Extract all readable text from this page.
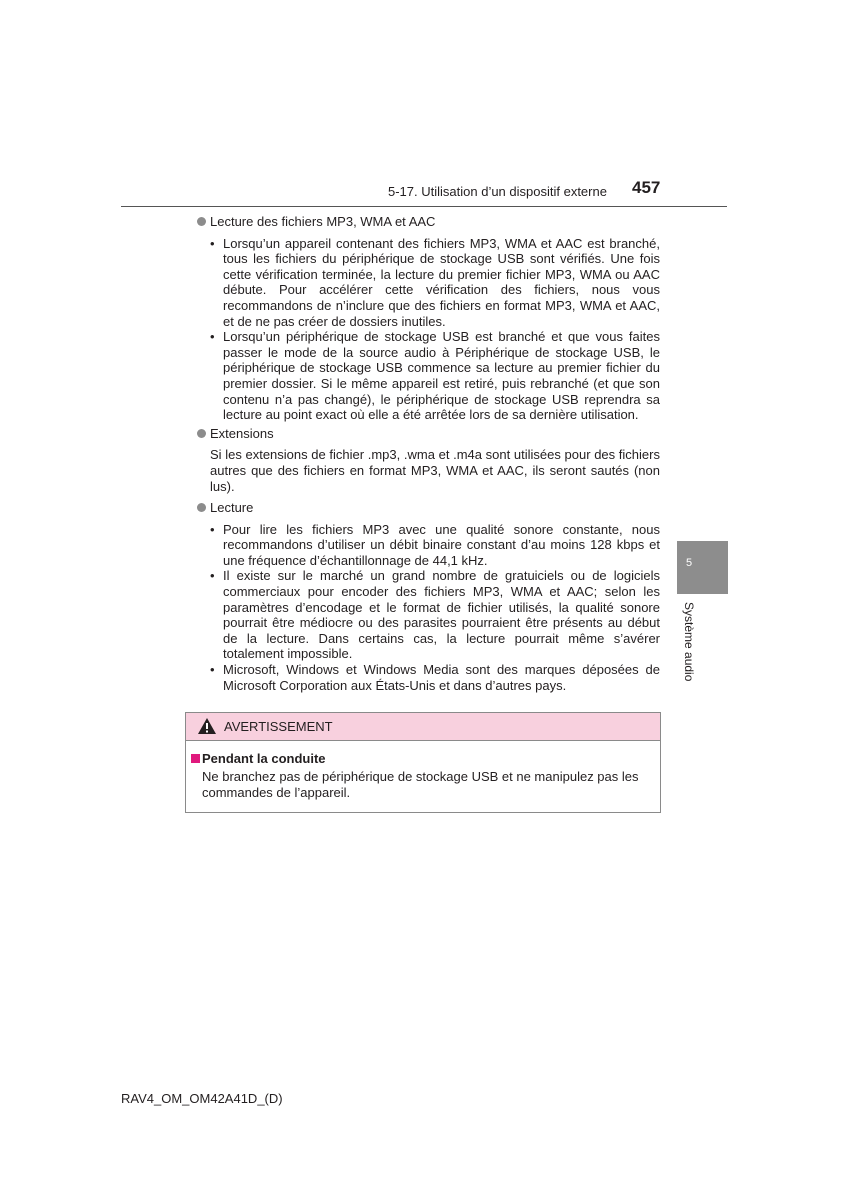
5-17. Utilisation d’un dispositif externe 457
Lecture des fichiers MP3, WMA et AAC
• Lorsqu’un appareil contenant des fichiers MP3, WMA et AAC est branché, tous les fichiers du périphérique de stockage USB sont vérifiés. Une fois cette vérification terminée, la lecture du premier fichier MP3, WMA ou AAC débute. Pour accélérer cette vérification des fichiers, nous vous recommandons de n’inclure que des fichiers en format MP3, WMA et AAC, et de ne pas créer de dossiers inutiles.
• Lorsqu’un périphérique de stockage USB est branché et que vous faites passer le mode de la source audio à Périphérique de stockage USB, le périphérique de stockage USB commence sa lecture au premier fichier du premier dossier. Si le même appareil est retiré, puis rebranché (et que son contenu n’a pas changé), le périphérique de stockage USB reprendra sa lecture au point exact où elle a été arrêtée lors de sa dernière utilisation.
Extensions
Si les extensions de fichier .mp3, .wma et .m4a sont utilisées pour des fichiers autres que des fichiers en format MP3, WMA et AAC, ils seront sautés (non lus).
Lecture
• Pour lire les fichiers MP3 avec une qualité sonore constante, nous recommandons d’utiliser un débit binaire constant d’au moins 128 kbps et une fréquence d’échantillonnage de 44,1 kHz.
• Il existe sur le marché un grand nombre de gratuiciels ou de logiciels commerciaux pour encoder des fichiers MP3, WMA et AAC; selon les paramètres d’encodage et le format de fichier utilisés, la qualité sonore pourrait être médiocre ou des parasites pourraient être présents au début de la lecture. Dans certains cas, la lecture pourrait même s’avérer totalement impossible.
• Microsoft, Windows et Windows Media sont des marques déposées de Microsoft Corporation aux États-Unis et dans d’autres pays.
AVERTISSEMENT
Pendant la conduite
Ne branchez pas de périphérique de stockage USB et ne manipulez pas les commandes de l’appareil.
5
Système audio
RAV4_OM_OM42A41D_(D)
